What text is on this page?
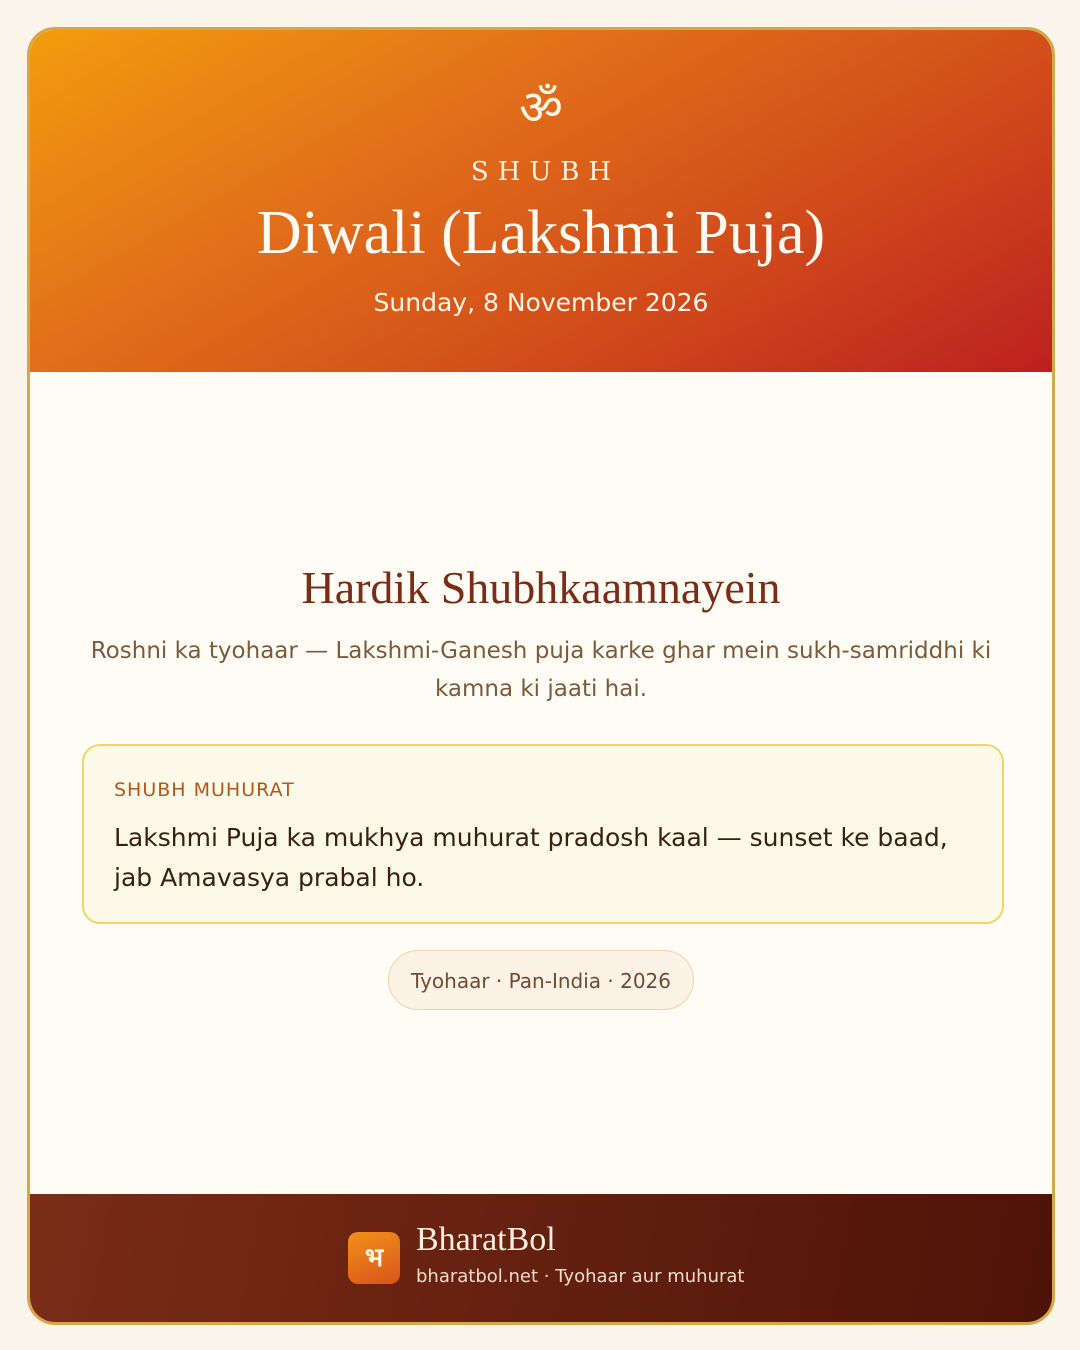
ॐ
SHUBH
Diwali (Lakshmi Puja)
Sunday, 8 November 2026
Hardik Shubhkaamnayein
Roshni ka tyohaar — Lakshmi-Ganesh puja karke ghar mein sukh-samriddhi ki kamna ki jaati hai.
SHUBH MUHURAT
Lakshmi Puja ka mukhya muhurat pradosh kaal — sunset ke baad, jab Amavasya prabal ho.
Tyohaar · Pan-India · 2026
भ BharatBol
bharatbol.net · Tyohaar aur muhurat
